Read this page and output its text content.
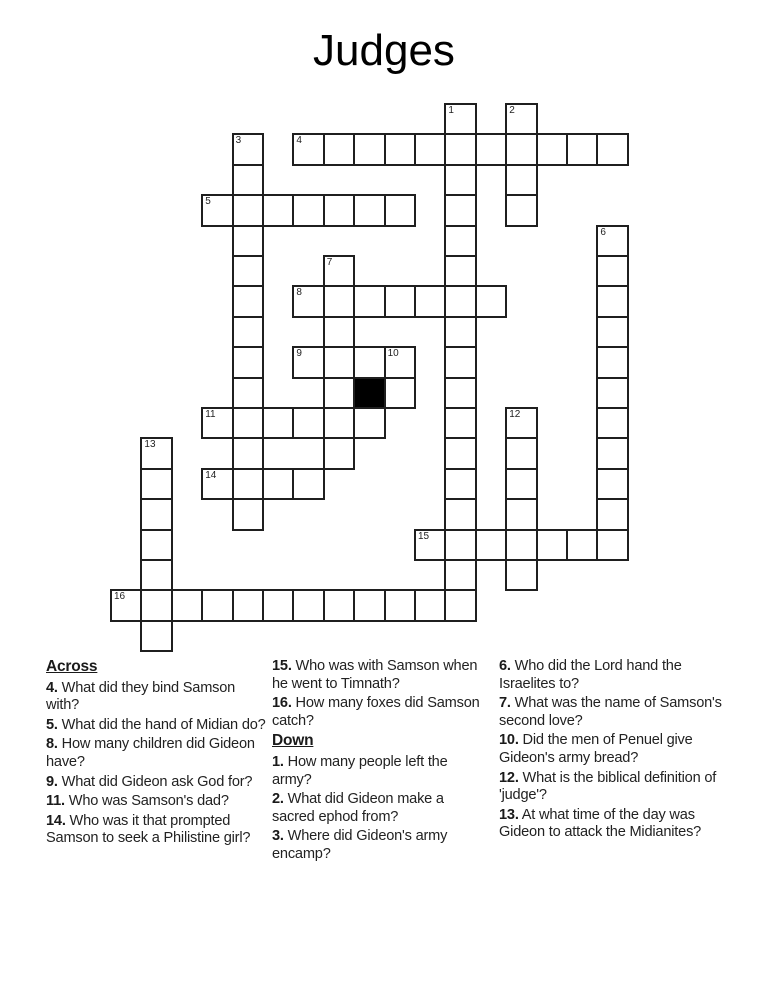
Judges
4
5
8
9
11
14
15
16
1	2
3
6
7
10
12
13
Across
4. What did they bind Samson with?
5. What did the hand of Midian do?
8. How many children did Gideon have?
9. What did Gideon ask God for?
11. Who was Samson's dad?
14. Who was it that prompted Samson to seek a Philistine girl?
15. Who was with Samson when he went to Timnath?
16. How many foxes did Samson catch?
Down
1. How many people left the army?
2. What did Gideon make a sacred ephod from?
3. Where did Gideon's army encamp?
6. Who did the Lord hand the Israelites to?
7. What was the name of Samson's second love?
10. Did the men of Penuel give Gideon's army bread?
12. What is the biblical definition of 'judge'?
13. At what time of the day was Gideon to attack the Midianites?
